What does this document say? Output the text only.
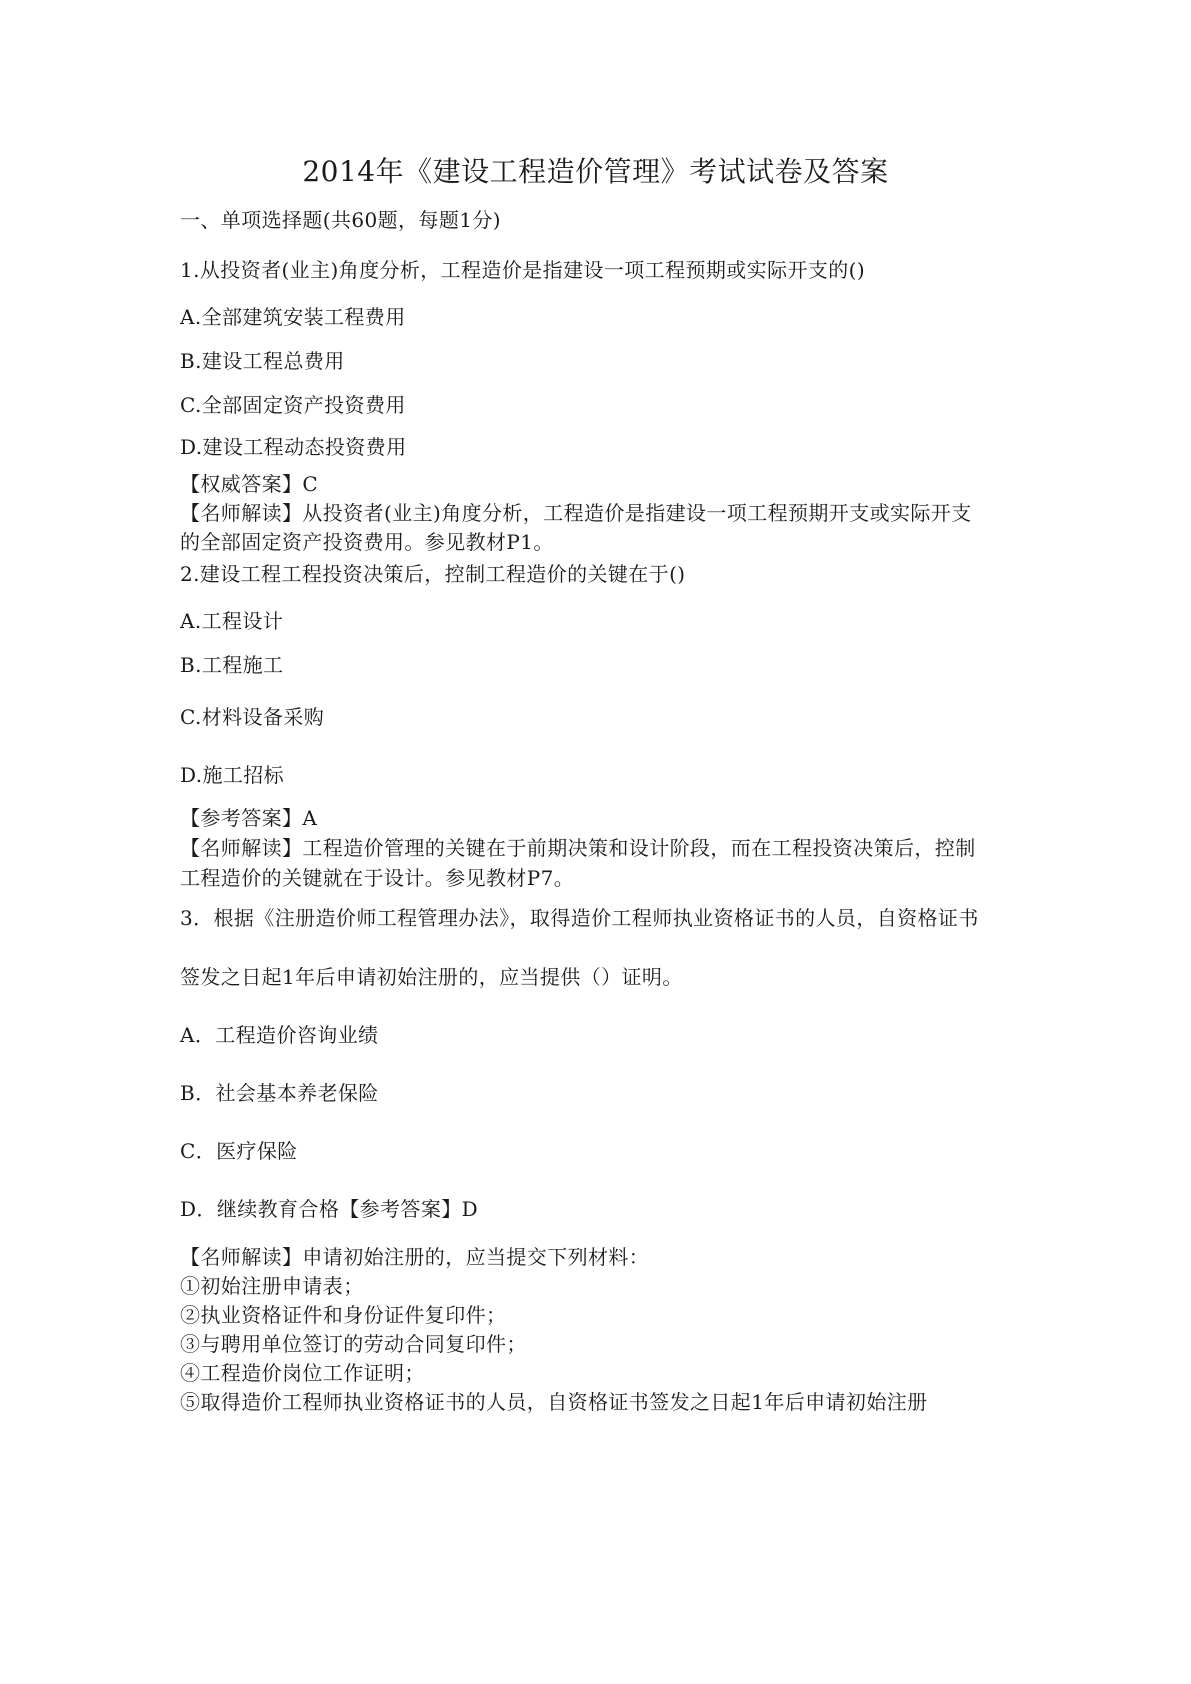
2014年《建设工程造价管理》考试试卷及答案

一、单项选择题(共60题，每题1分)

1.从投资者(业主)角度分析，工程造价是指建设一项工程预期或实际开支的()

A.全部建筑安装工程费用

B.建设工程总费用

C.全部固定资产投资费用

D.建设工程动态投资费用

【权威答案】C

【名师解读】从投资者(业主)角度分析，工程造价是指建设一项工程预期开支或实际开支

的全部固定资产投资费用。参见教材P1。

2.建设工程工程投资决策后，控制工程造价的关键在于()

A.工程设计

B.工程施工

C.材料设备采购

D.施工招标

【参考答案】A

【名师解读】工程造价管理的关键在于前期决策和设计阶段，而在工程投资决策后，控制

工程造价的关键就在于设计。参见教材P7。

3．根据《注册造价师工程管理办法》，取得造价工程师执业资格证书的人员，自资格证书

签发之日起1年后申请初始注册的，应当提供（）证明。

A．工程造价咨询业绩

B．社会基本养老保险

C．医疗保险

D．继续教育合格【参考答案】D

【名师解读】申请初始注册的，应当提交下列材料：

①初始注册申请表；

②执业资格证件和身份证件复印件；

③与聘用单位签订的劳动合同复印件；

④工程造价岗位工作证明；

⑤取得造价工程师执业资格证书的人员，自资格证书签发之日起1年后申请初始注册
